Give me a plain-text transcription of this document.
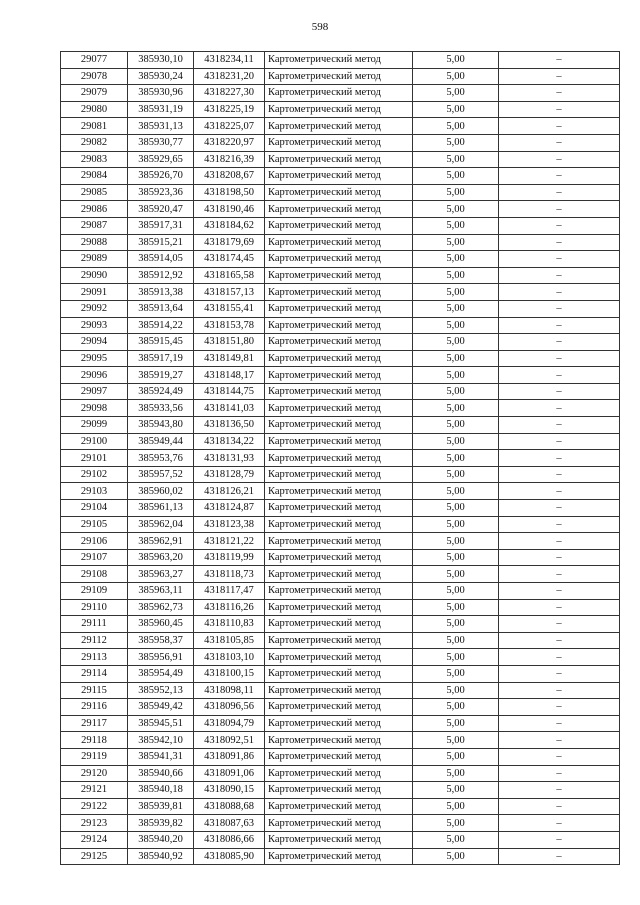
598
29077	385930,10	4318234,11	Картометрический метод	5,00	–
29078	385930,24	4318231,20	Картометрический метод	5,00	–
29079	385930,96	4318227,30	Картометрический метод	5,00	–
29080	385931,19	4318225,19	Картометрический метод	5,00	–
29081	385931,13	4318225,07	Картометрический метод	5,00	–
29082	385930,77	4318220,97	Картометрический метод	5,00	–
29083	385929,65	4318216,39	Картометрический метод	5,00	–
29084	385926,70	4318208,67	Картометрический метод	5,00	–
29085	385923,36	4318198,50	Картометрический метод	5,00	–
29086	385920,47	4318190,46	Картометрический метод	5,00	–
29087	385917,31	4318184,62	Картометрический метод	5,00	–
29088	385915,21	4318179,69	Картометрический метод	5,00	–
29089	385914,05	4318174,45	Картометрический метод	5,00	–
29090	385912,92	4318165,58	Картометрический метод	5,00	–
29091	385913,38	4318157,13	Картометрический метод	5,00	–
29092	385913,64	4318155,41	Картометрический метод	5,00	–
29093	385914,22	4318153,78	Картометрический метод	5,00	–
29094	385915,45	4318151,80	Картометрический метод	5,00	–
29095	385917,19	4318149,81	Картометрический метод	5,00	–
29096	385919,27	4318148,17	Картометрический метод	5,00	–
29097	385924,49	4318144,75	Картометрический метод	5,00	–
29098	385933,56	4318141,03	Картометрический метод	5,00	–
29099	385943,80	4318136,50	Картометрический метод	5,00	–
29100	385949,44	4318134,22	Картометрический метод	5,00	–
29101	385953,76	4318131,93	Картометрический метод	5,00	–
29102	385957,52	4318128,79	Картометрический метод	5,00	–
29103	385960,02	4318126,21	Картометрический метод	5,00	–
29104	385961,13	4318124,87	Картометрический метод	5,00	–
29105	385962,04	4318123,38	Картометрический метод	5,00	–
29106	385962,91	4318121,22	Картометрический метод	5,00	–
29107	385963,20	4318119,99	Картометрический метод	5,00	–
29108	385963,27	4318118,73	Картометрический метод	5,00	–
29109	385963,11	4318117,47	Картометрический метод	5,00	–
29110	385962,73	4318116,26	Картометрический метод	5,00	–
29111	385960,45	4318110,83	Картометрический метод	5,00	–
29112	385958,37	4318105,85	Картометрический метод	5,00	–
29113	385956,91	4318103,10	Картометрический метод	5,00	–
29114	385954,49	4318100,15	Картометрический метод	5,00	–
29115	385952,13	4318098,11	Картометрический метод	5,00	–
29116	385949,42	4318096,56	Картометрический метод	5,00	–
29117	385945,51	4318094,79	Картометрический метод	5,00	–
29118	385942,10	4318092,51	Картометрический метод	5,00	–
29119	385941,31	4318091,86	Картометрический метод	5,00	–
29120	385940,66	4318091,06	Картометрический метод	5,00	–
29121	385940,18	4318090,15	Картометрический метод	5,00	–
29122	385939,81	4318088,68	Картометрический метод	5,00	–
29123	385939,82	4318087,63	Картометрический метод	5,00	–
29124	385940,20	4318086,66	Картометрический метод	5,00	–
29125	385940,92	4318085,90	Картометрический метод	5,00	–
